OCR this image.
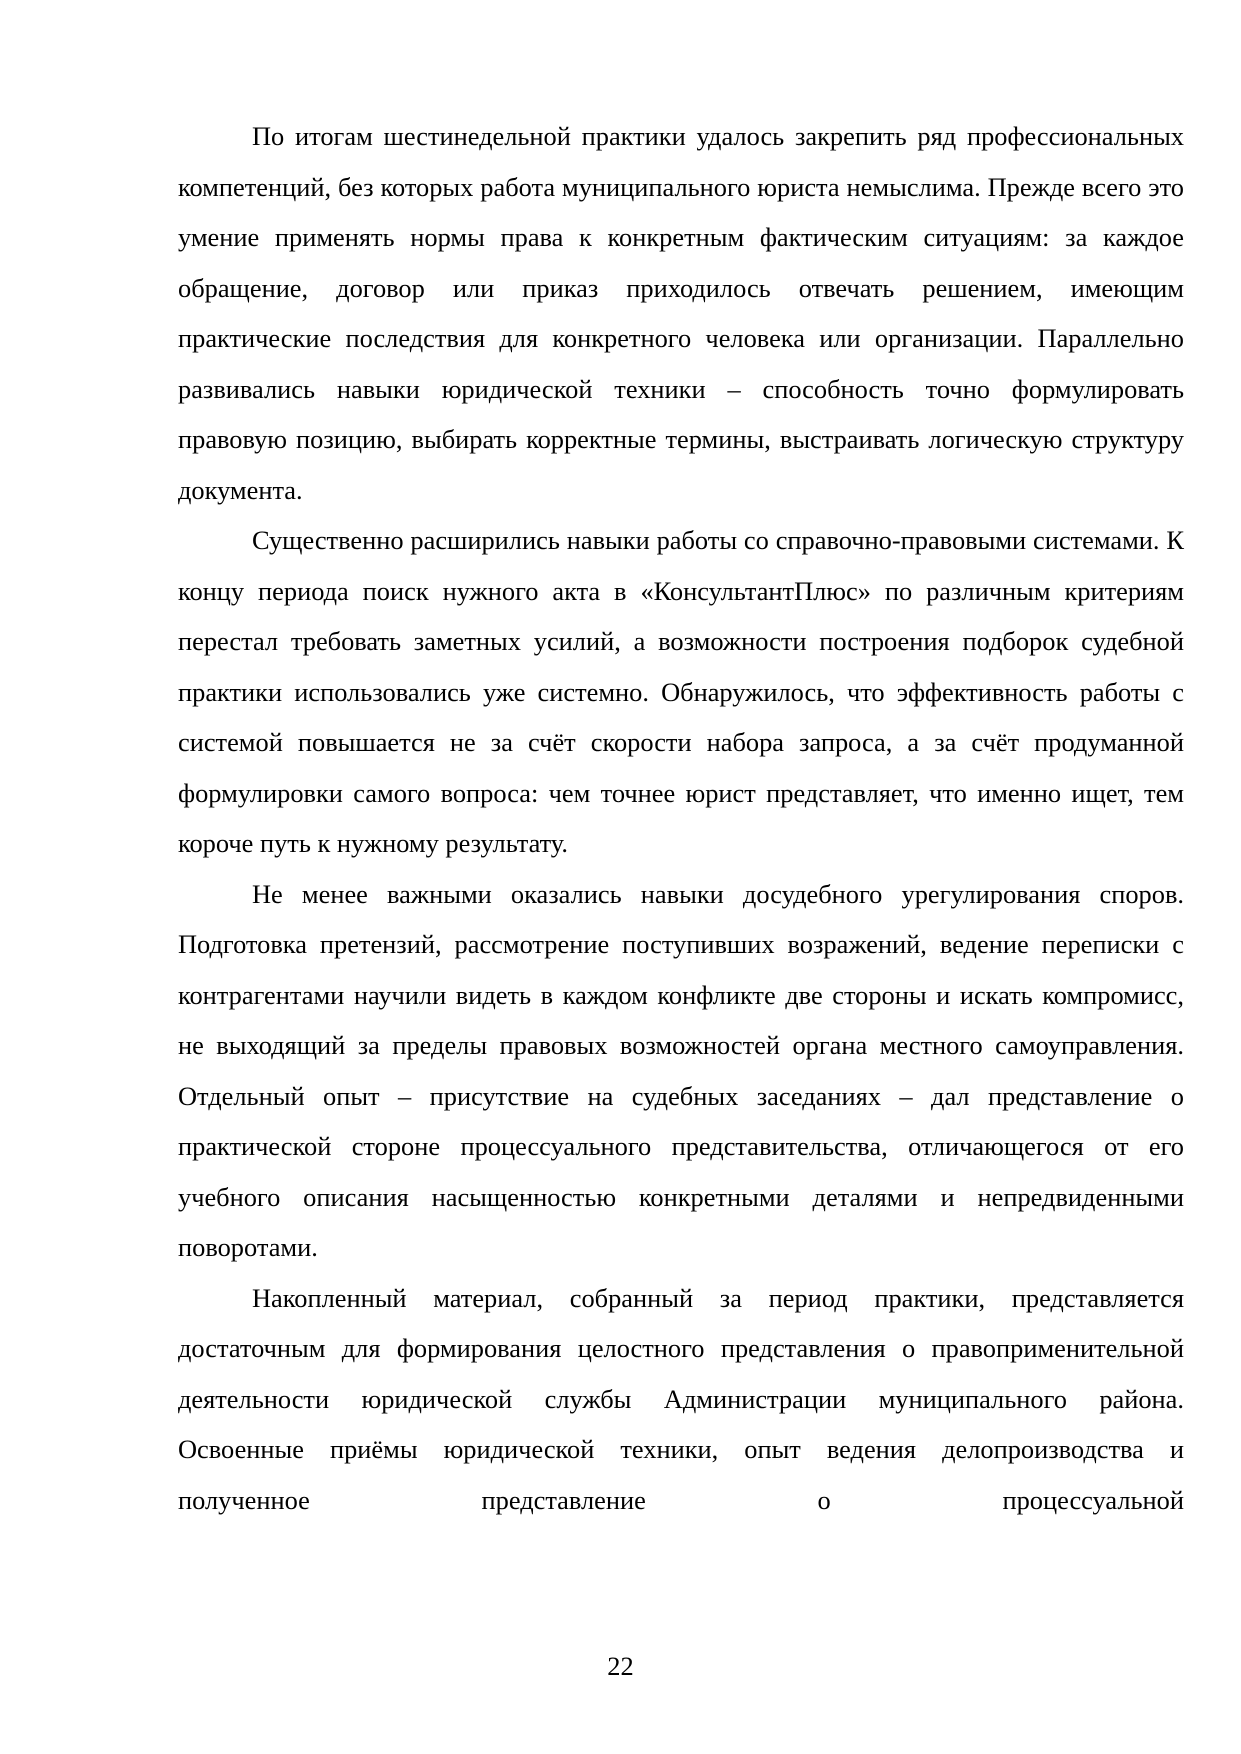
По итогам шестинедельной практики удалось закрепить ряд профессиональных компетенций, без которых работа муниципального юриста немыслима. Прежде всего это умение применять нормы права к конкретным фактическим ситуациям: за каждое обращение, договор или приказ приходилось отвечать решением, имеющим практические последствия для конкретного человека или организации. Параллельно развивались навыки юридической техники – способность точно формулировать правовую позицию, выбирать корректные термины, выстраивать логическую структуру документа.

Существенно расширились навыки работы со справочно-правовыми системами. К концу периода поиск нужного акта в «КонсультантПлюс» по различным критериям перестал требовать заметных усилий, а возможности построения подборок судебной практики использовались уже системно. Обнаружилось, что эффективность работы с системой повышается не за счёт скорости набора запроса, а за счёт продуманной формулировки самого вопроса: чем точнее юрист представляет, что именно ищет, тем короче путь к нужному результату.

Не менее важными оказались навыки досудебного урегулирования споров. Подготовка претензий, рассмотрение поступивших возражений, ведение переписки с контрагентами научили видеть в каждом конфликте две стороны и искать компромисс, не выходящий за пределы правовых возможностей органа местного самоуправления. Отдельный опыт – присутствие на судебных заседаниях – дал представление о практической стороне процессуального представительства, отличающегося от его учебного описания насыщенностью конкретными деталями и непредвиденными поворотами.

Накопленный материал, собранный за период практики, представляется достаточным для формирования целостного представления о правоприменительной деятельности юридической службы Администрации муниципального района. Освоенные приёмы юридической техники, опыт ведения делопроизводства и полученное представление о процессуальной

22
